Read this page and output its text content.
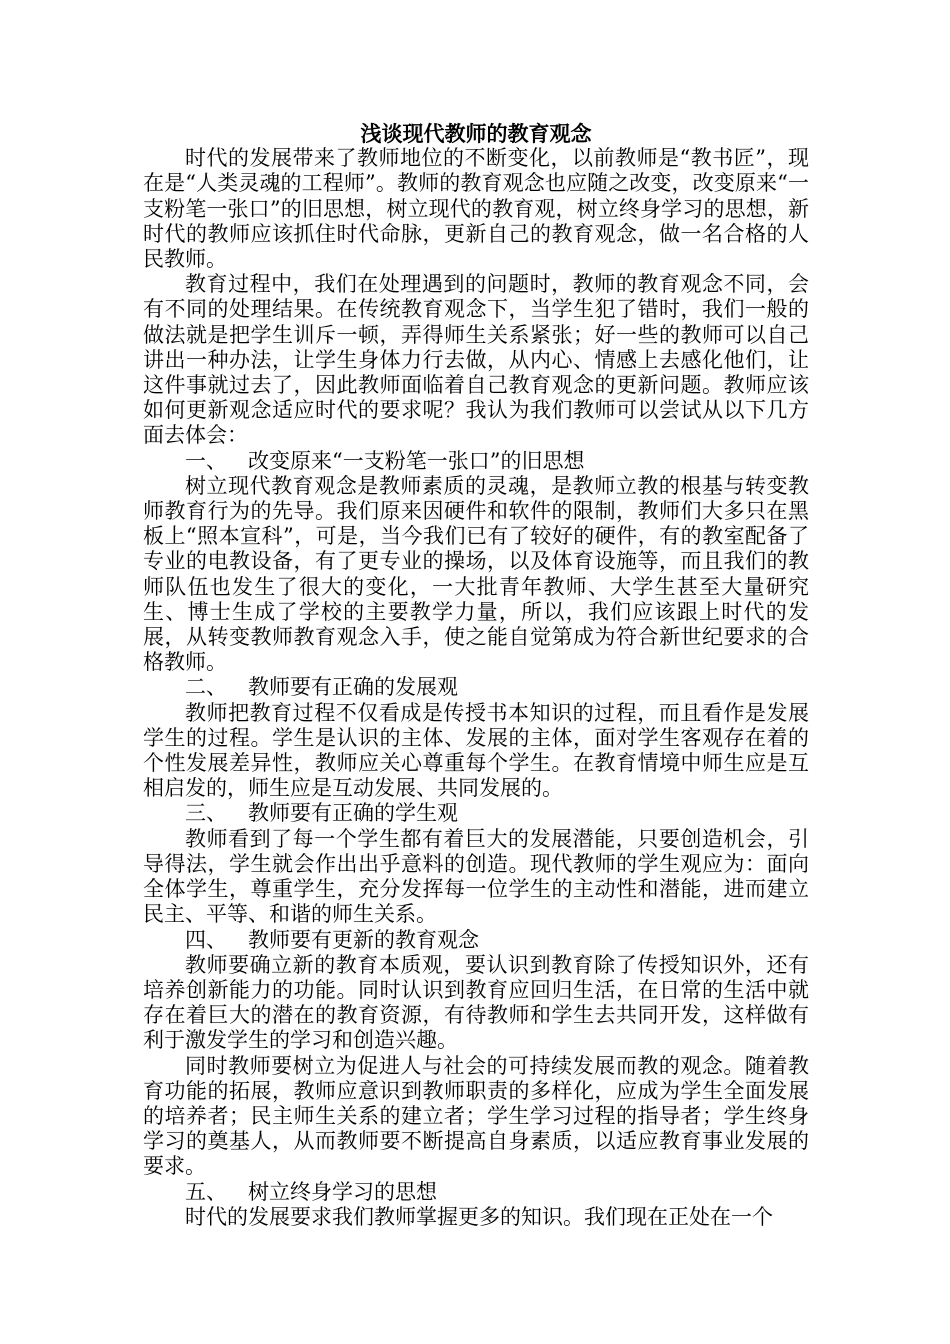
浅谈现代教师的教育观念

时代的发展带来了教师地位的不断变化，以前教师是“教书匠”，现在是“人类灵魂的工程师”。教师的教育观念也应随之改变，改变原来“一支粉笔一张口”的旧思想，树立现代的教育观，树立终身学习的思想，新时代的教师应该抓住时代命脉，更新自己的教育观念，做一名合格的人民教师。

教育过程中，我们在处理遇到的问题时，教师的教育观念不同，会有不同的处理结果。在传统教育观念下，当学生犯了错时，我们一般的做法就是把学生训斥一顿，弄得师生关系紧张；好一些的教师可以自己讲出一种办法，让学生身体力行去做，从内心、情感上去感化他们，让这件事就过去了，因此教师面临着自己教育观念的更新问题。教师应该如何更新观念适应时代的要求呢？我认为我们教师可以尝试从以下几方面去体会：

一、 改变原来“一支粉笔一张口”的旧思想

树立现代教育观念是教师素质的灵魂，是教师立教的根基与转变教师教育行为的先导。我们原来因硬件和软件的限制，教师们大多只在黑板上“照本宣科”，可是，当今我们已有了较好的硬件，有的教室配备了专业的电教设备，有了更专业的操场，以及体育设施等，而且我们的教师队伍也发生了很大的变化，一大批青年教师、大学生甚至大量研究生、博士生成了学校的主要教学力量，所以，我们应该跟上时代的发展，从转变教师教育观念入手，使之能自觉第成为符合新世纪要求的合格教师。

二、 教师要有正确的发展观

教师把教育过程不仅看成是传授书本知识的过程，而且看作是发展学生的过程。学生是认识的主体、发展的主体，面对学生客观存在着的个性发展差异性，教师应关心尊重每个学生。在教育情境中师生应是互相启发的，师生应是互动发展、共同发展的。

三、 教师要有正确的学生观

教师看到了每一个学生都有着巨大的发展潜能，只要创造机会，引导得法，学生就会作出出乎意料的创造。现代教师的学生观应为：面向全体学生，尊重学生，充分发挥每一位学生的主动性和潜能，进而建立民主、平等、和谐的师生关系。

四、 教师要有更新的教育观念

教师要确立新的教育本质观，要认识到教育除了传授知识外，还有培养创新能力的功能。同时认识到教育应回归生活，在日常的生活中就存在着巨大的潜在的教育资源，有待教师和学生去共同开发，这样做有利于激发学生的学习和创造兴趣。

同时教师要树立为促进人与社会的可持续发展而教的观念。随着教育功能的拓展，教师应意识到教师职责的多样化，应成为学生全面发展的培养者；民主师生关系的建立者；学生学习过程的指导者；学生终身学习的奠基人，从而教师要不断提高自身素质，以适应教育事业发展的要求。

五、 树立终身学习的思想

时代的发展要求我们教师掌握更多的知识。我们现在正处在一个
